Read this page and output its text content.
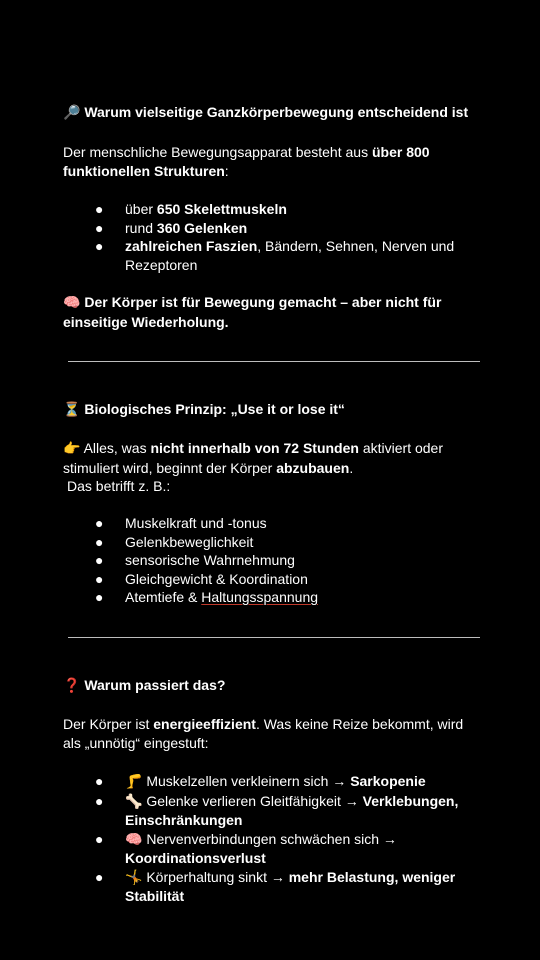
🔎 Warum vielseitige Ganzkörperbewegung entscheidend ist

Der menschliche Bewegungsapparat besteht aus über 800 funktionellen Strukturen:

● über 650 Skelettmuskeln
● rund 360 Gelenken
● zahlreichen Faszien, Bändern, Sehnen, Nerven und Rezeptoren

🧠 Der Körper ist für Bewegung gemacht – aber nicht für einseitige Wiederholung.

⏳ Biologisches Prinzip: „Use it or lose it“

👉 Alles, was nicht innerhalb von 72 Stunden aktiviert oder stimuliert wird, beginnt der Körper abzubauen.

Das betrifft z. B.:

● Muskelkraft und -tonus
● Gelenkbeweglichkeit
● sensorische Wahrnehmung
● Gleichgewicht & Koordination
● Atemtiefe & Haltungsspannung
❓ Warum passiert das?

Der Körper ist energieeffizient. Was keine Reize bekommt, wird als „unnötig“ eingestuft:

● 🦵 Muskelzellen verkleinern sich → Sarkopenie
● 🦴 Gelenke verlieren Gleitfähigkeit → Verklebungen, Einschränkungen
● 🧠 Nervenverbindungen schwächen sich → Koordinationsverlust
● 🤸 Körperhaltung sinkt → mehr Belastung, weniger Stabilität
